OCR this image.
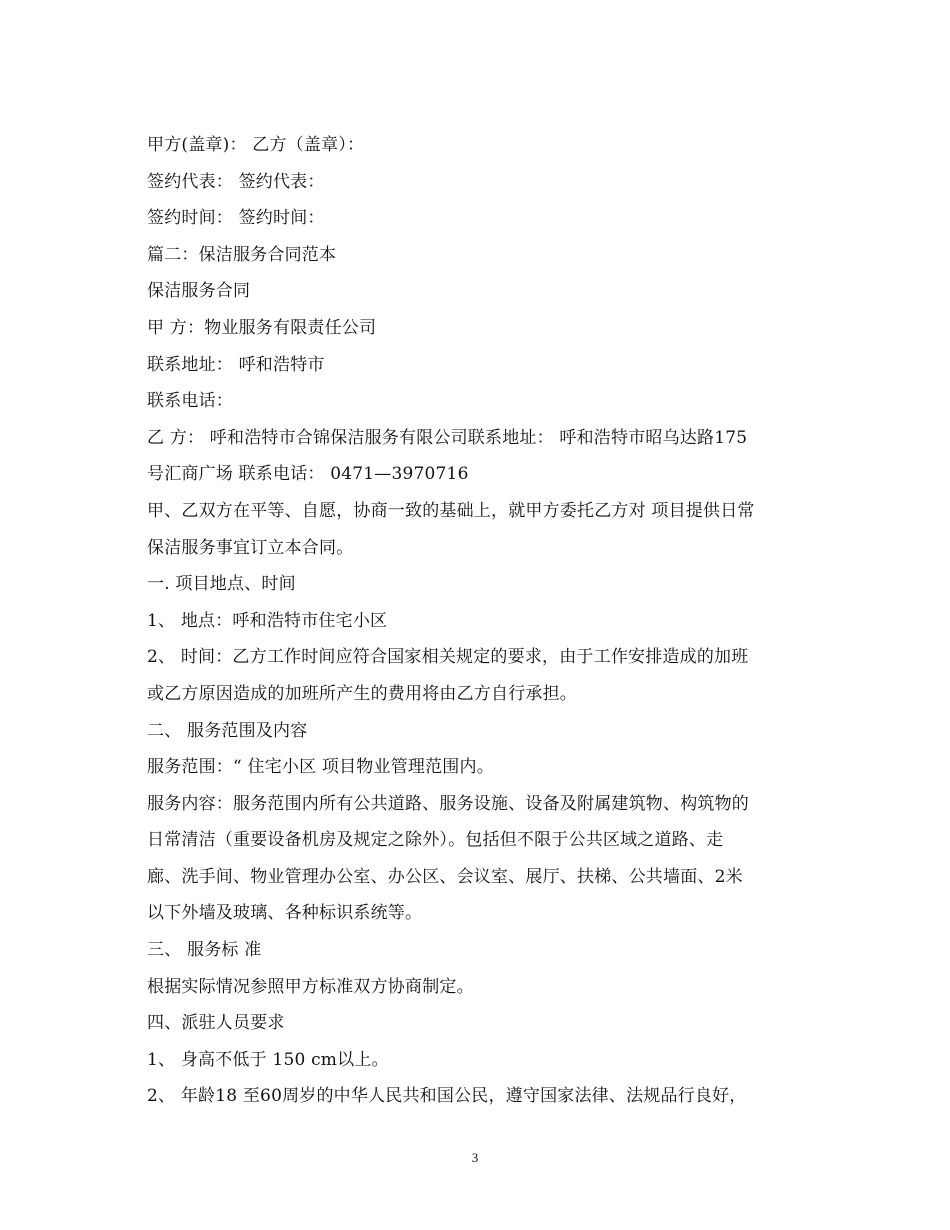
甲方(盖章)： 乙方（盖章）：
签约代表： 签约代表：
签约时间： 签约时间：
篇二：保洁服务合同范本
保洁服务合同
甲 方：物业服务有限责任公司
联系地址： 呼和浩特市
联系电话：
乙 方： 呼和浩特市合锦保洁服务有限公司联系地址： 呼和浩特市昭乌达路175
号汇商广场 联系电话： 0471—3970716
甲、乙双方在平等、自愿，协商一致的基础上，就甲方委托乙方对 项目提供日常
保洁服务事宜订立本合同。
一. 项目地点、时间
1、 地点：呼和浩特市住宅小区
2、 时间：乙方工作时间应符合国家相关规定的要求，由于工作安排造成的加班
或乙方原因造成的加班所产生的费用将由乙方自行承担。
二、 服务范围及内容
服务范围：“ 住宅小区 项目物业管理范围内。
服务内容：服务范围内所有公共道路、服务设施、设备及附属建筑物、构筑物的
日常清洁（重要设备机房及规定之除外）。包括但不限于公共区域之道路、走
廊、洗手间、物业管理办公室、办公区、会议室、展厅、扶梯、公共墙面、2米
以下外墙及玻璃、各种标识系统等。
三、 服务标 准
根据实际情况参照甲方标准双方协商制定。
四、派驻人员要求
1、 身高不低于 150 cm以上。
2、 年龄18 至60周岁的中华人民共和国公民，遵守国家法律、法规品行良好，
3
